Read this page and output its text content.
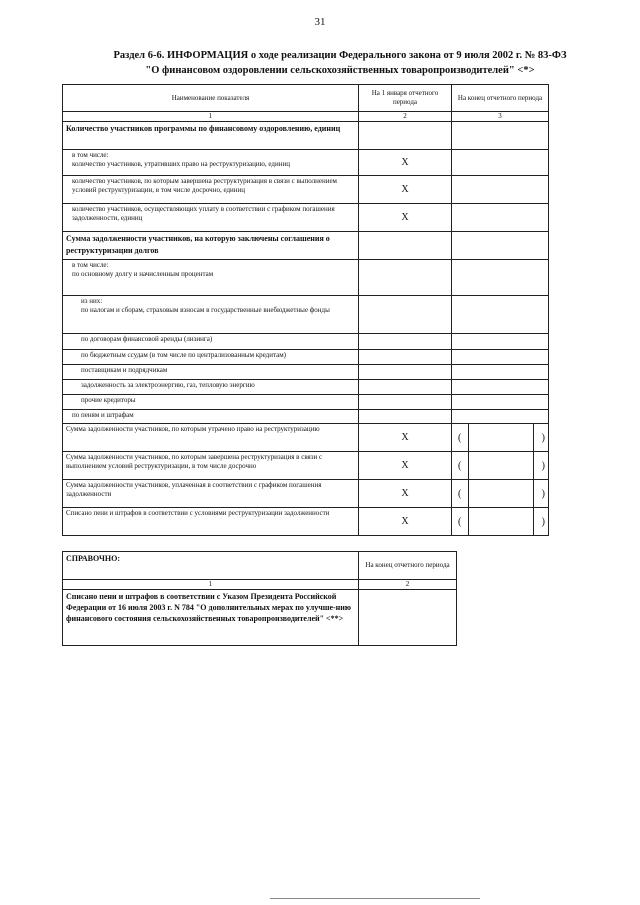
31
Раздел 6-6. ИНФОРМАЦИЯ о ходе реализации Федерального закона от 9 июля 2002 г. № 83-ФЗ
"О финансовом оздоровлении сельскохозяйственных товаропроизводителей" <*>
Наименование показателя	На 1 января отчетного периода	На конец отчетного периода
1	2	3
Количество участников программы по финансовому оздоровлению, единиц		
в том числе:
количество участников, утративших право на реструктуризацию, единиц	X	
количество участников, по которым завершена реструктуризация в связи с выполнением условий реструктуризации, в том числе досрочно, единиц	X	
количество участников, осуществляющих уплату в соответствии с графиком погашения задолженности, единиц	X	
Сумма задолженности участников, на которую заключены соглашения о реструктуризации долгов		
в том числе:
по основному долгу и начисленным процентам		
из них:
по налогам и сборам, страховым взносам в государственные внебюджетные фонды		
по договорам финансовой аренды (лизинга)		
по бюджетным ссудам (в том числе по централизованным кредитам)		
поставщикам и подрядчикам		
задолженность за электроэнергию, газ, тепловую энергию		
прочие кредиторы		
по пеням и штрафам		
Сумма задолженности участников, по которым утрачено право на реструктуризацию	X	( )

Сумма задолженности участников, по которым завершена реструктуризация в связи с выполнением условий реструктуризации, в том числе досрочно	X	( )

Сумма задолженности участников, уплаченная в соответствии с графиком погашения задолженности	X	( )

Списано пени и штрафов в соответствии с условиями реструктуризации задолженности	X	( )
СПРАВОЧНО:	На конец отчетного периода
1	2
Списано пени и штрафов в соответствии с Указом Президента Российской Федерации от 16 июля 2003 г. N 784 "О дополнительных мерах по улучше-нию финансового состояния сельскохозяйственных товаропроизводителей" <**>	
